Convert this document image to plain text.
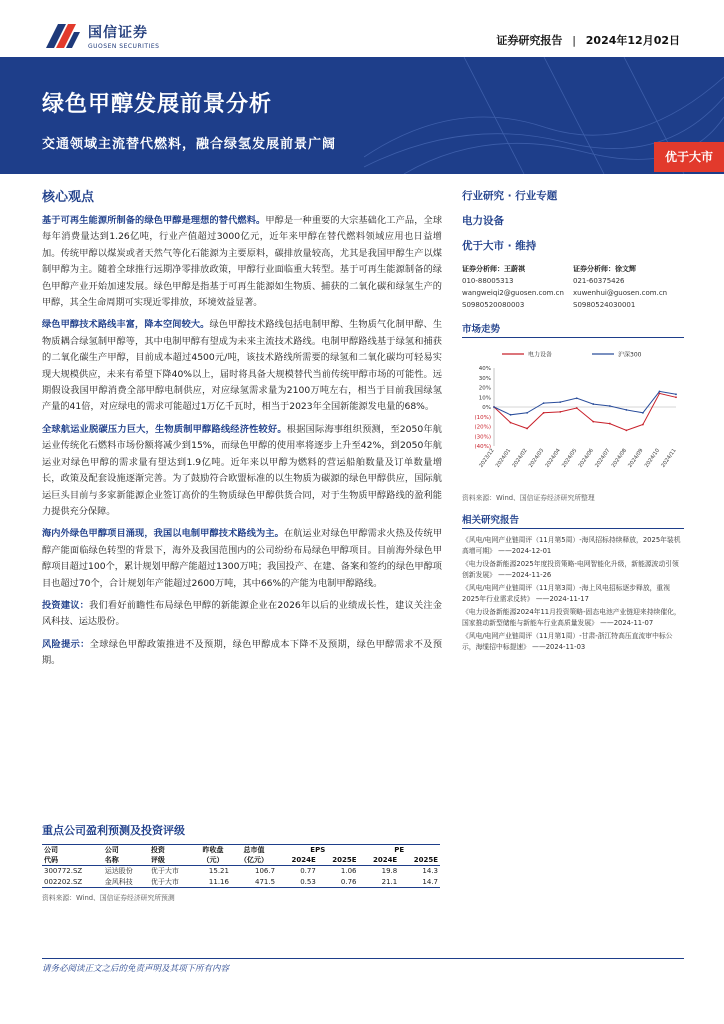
国信证券
GUOSEN SECURITIES	证券研究报告 | 2024年12月02日
绿色甲醇发展前景分析
交通领域主流替代燃料，融合绿氢发展前景广阔
优于大市
核心观点
基于可再生能源所制备的绿色甲醇是理想的替代燃料。甲醇是一种重要的大宗基础化工产品，全球每年消费量达到1.26亿吨，行业产值超过3000亿元，近年来甲醇在替代燃料领域应用也日益增加。传统甲醇以煤炭或者天然气等化石能源为主要原料，碳排放量较高，尤其是我国甲醇生产以煤制甲醇为主。随着全球推行远期净零排放政策，甲醇行业面临重大转型。基于可再生能源制备的绿色甲醇产业开始加速发展。绿色甲醇是指基于可再生能源如生物质、捕获的二氧化碳和绿氢生产的甲醇，其全生命周期可实现近零排放，环境效益显著。
绿色甲醇技术路线丰富，降本空间较大。绿色甲醇技术路线包括电制甲醇、生物质气化制甲醇、生物质耦合绿氢制甲醇等，其中电制甲醇有望成为未来主流技术路线。电制甲醇路线基于绿氢和捕获的二氧化碳生产甲醇，目前成本超过4500元/吨，该技术路线所需要的绿氢和二氧化碳均可轻易实现大规模供应，未来有希望下降40%以上，届时将具备大规模替代当前传统甲醇市场的可能性。远期假设我国甲醇消费全部甲醇电制供应，对应绿氢需求量为2100万吨左右，相当于目前我国绿氢产量的41倍，对应绿电的需求可能超过1万亿千瓦时，相当于2023年全国新能源发电量的68%。
全球航运业脱碳压力巨大，生物质制甲醇路线经济性较好。根据国际海事组织预测，至2050年航运业传统化石燃料市场份额将减少到15%，而绿色甲醇的使用率将逐步上升至42%，到2050年航运业对绿色甲醇的需求量有望达到1.9亿吨。近年来以甲醇为燃料的营运船舶数量及订单数量增长，政策及配套设施逐渐完善。为了鼓励符合欧盟标准的以生物质为碳源的绿色甲醇供应，国际航运巨头目前与多家新能源企业签订高价的生物质绿色甲醇供货合同，对于生物质甲醇路线的盈利能力提供充分保障。
海内外绿色甲醇项目涌现，我国以电制甲醇技术路线为主。在航运业对绿色甲醇需求火热及传统甲醇产能面临绿色转型的背景下，海外及我国范围内的公司纷纷布局绿色甲醇项目。目前海外绿色甲醇项目超过100个，累计规划甲醇产能超过1300万吨；我国投产、在建、备案和签约的绿色甲醇项目也超过70个，合计规划年产能超过2600万吨，其中66%的产能为电制甲醇路线。
投资建议：我们看好前瞻性布局绿色甲醇的新能源企业在2026年以后的业绩成长性，建议关注金风科技、运达股份。
风险提示：全球绿色甲醇政策推进不及预期，绿色甲醇成本下降不及预期，绿色甲醇需求不及预期。
行业研究 · 行业专题
电力设备
优于大市 · 维持
证券分析师：王蔚祺
010-88005313
wangweiqi2@guosen.com.cn
S0980520080003
证券分析师：徐文辉
021-60375426
xuwenhui@guosen.com.cn
S0980524030001
市场走势
电力设备	沪深300
40%
30%
20%
10%
0%
(10%)
(20%)
(30%)
(40%)
2023/12 2024/01 2024/02 2024/03 2024/04 2024/05 2024/06 2024/07 2024/08 2024/09 2024/10 2024/11
资料来源：Wind、国信证券经济研究所整理
相关研究报告
《风电/电网产业链周评（11月第5周）-海风招标持续释放，2025年装机高增可期》 ——2024-12-01
《电力设备新能源2025年度投资策略-电网智能化升级，新能源波动引领创新发展》 ——2024-11-26
《风电/电网产业链周评（11月第3周）-海上风电招标逐步释放，重视2025年行业需求反转》 ——2024-11-17
《电力设备新能源2024年11月投资策略-固态电池产业链迎来持续催化，国家推动新型储能与新能车行业高质量发展》 ——2024-11-07
《风电/电网产业链周评（11月第1周）-甘肃-浙江特高压直流审中标公示，海缆招中标提速》 ——2024-11-03
重点公司盈利预测及投资评级
公司	公司	投资	昨收盘	总市值	EPS		PE	
代码	名称	评级	（元）	（亿元）	2024E	2025E	2024E	2025E
300772.SZ	运达股份	优于大市	15.21	106.7	0.77	1.06	19.8	14.3
002202.SZ	金风科技	优于大市	11.16	471.5	0.53	0.76	21.1	14.7
资料来源：Wind、国信证券经济研究所预测
请务必阅读正文之后的免责声明及其项下所有内容
